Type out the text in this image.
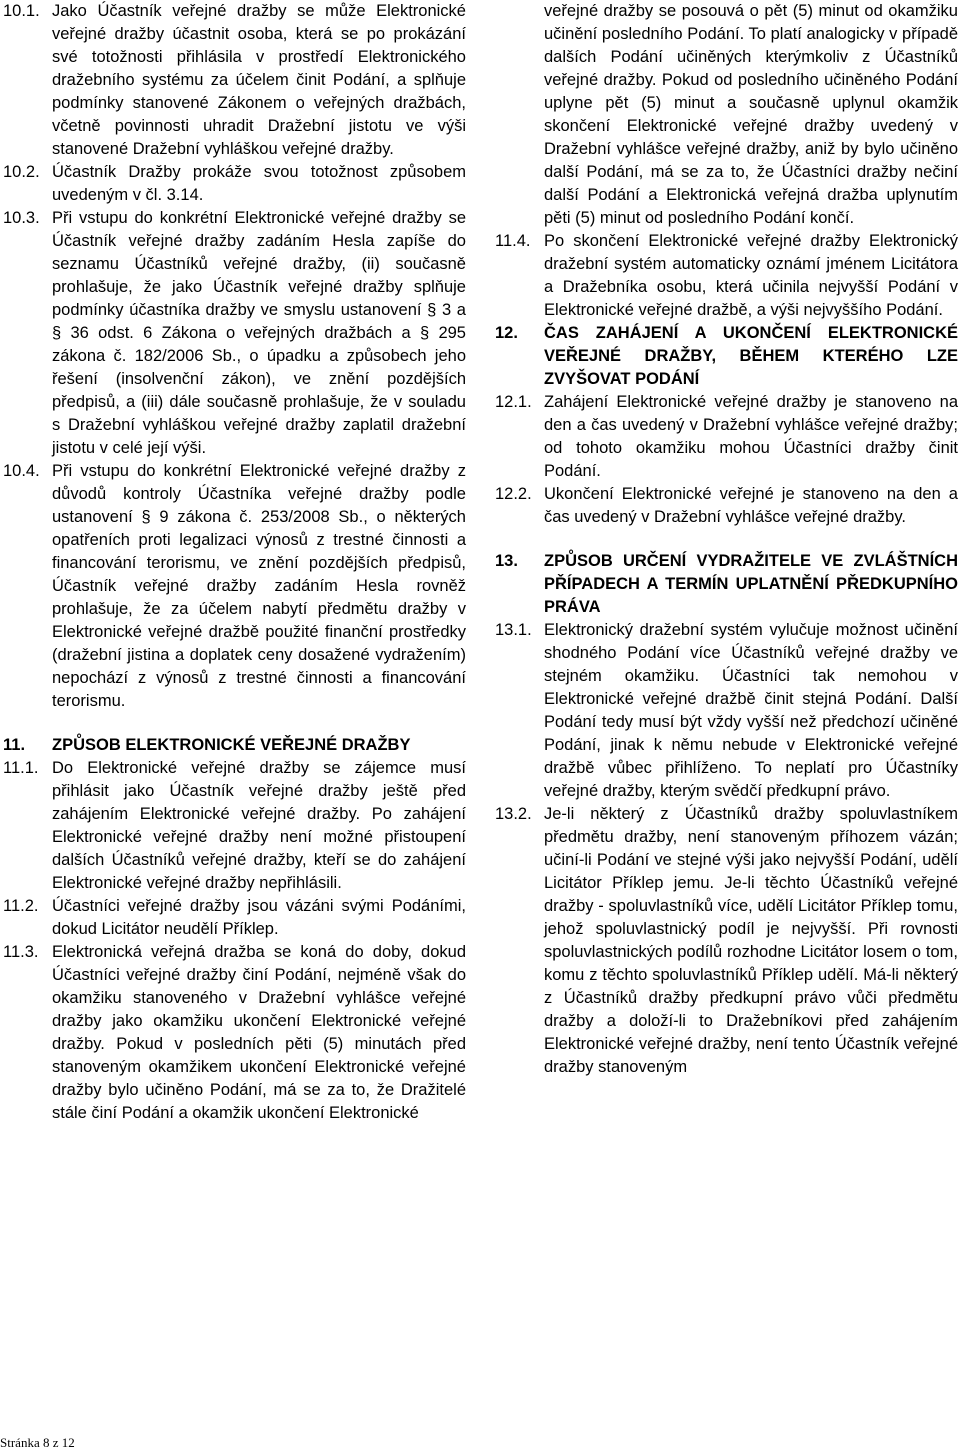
10.1. Jako Účastník veřejné dražby se může Elektronické veřejné dražby účastnit osoba, která se po prokázání své totožnosti přihlásila v prostředí Elektronického dražebního systému za účelem činit Podání, a splňuje podmínky stanovené Zákonem o veřejných dražbách, včetně povinnosti uhradit Dražební jistotu ve výši stanovené Dražební vyhláškou veřejné dražby.
10.2. Účastník Dražby prokáže svou totožnost způsobem uvedeným v čl. 3.14.
10.3. Při vstupu do konkrétní Elektronické veřejné dražby se Účastník veřejné dražby zadáním Hesla zapíše do seznamu Účastníků veřejné dražby, (ii) současně prohlašuje, že jako Účastník veřejné dražby splňuje podmínky účastníka dražby ve smyslu ustanovení § 3 a § 36 odst. 6 Zákona o veřejných dražbách a § 295 zákona č. 182/2006 Sb., o úpadku a způsobech jeho řešení (insolvenční zákon), ve znění pozdějších předpisů, a (iii) dále současně prohlašuje, že v souladu s Dražební vyhláškou veřejné dražby zaplatil dražební jistotu v celé její výši.
10.4. Při vstupu do konkrétní Elektronické veřejné dražby z důvodů kontroly Účastníka veřejné dražby podle ustanovení § 9 zákona č. 253/2008 Sb., o některých opatřeních proti legalizaci výnosů z trestné činnosti a financování terorismu, ve znění pozdějších předpisů, Účastník veřejné dražby zadáním Hesla rovněž prohlašuje, že za účelem nabytí předmětu dražby v Elektronické veřejné dražbě použité finanční prostředky (dražební jistina a doplatek ceny dosažené vydražením) nepochází z výnosů z trestné činnosti a financování terorismu.
11.	ZPŮSOB ELEKTRONICKÉ VEŘEJNÉ DRAŽBY
11.1. Do Elektronické veřejné dražby se zájemce musí přihlásit jako Účastník veřejné dražby ještě před zahájením Elektronické veřejné dražby. Po zahájení Elektronické veřejné dražby není možné přistoupení dalších Účastníků veřejné dražby, kteří se do zahájení Elektronické veřejné dražby nepřihlásili.
11.2. Účastníci veřejné dražby jsou vázáni svými Podáními, dokud Licitátor neudělí Příklep.
11.3. Elektronická veřejná dražba se koná do doby, dokud Účastníci veřejné dražby činí Podání, nejméně však do okamžiku stanoveného v Dražební vyhlášce veřejné dražby jako okamžiku ukončení Elektronické veřejné dražby. Pokud v posledních pěti (5) minutách před stanoveným okamžikem ukončení Elektronické veřejné dražby bylo učiněno Podání, má se za to, že Dražitelé stále činí Podání a okamžik ukončení Elektronické
veřejné dražby se posouvá o pět (5) minut od okamžiku učinění posledního Podání. To platí analogicky v případě dalších Podání učiněných kterýmkoliv z Účastníků veřejné dražby. Pokud od posledního učiněného Podání uplyne pět (5) minut a současně uplynul okamžik skončení Elektronické veřejné dražby uvedený v Dražební vyhlášce veřejné dražby, aniž by bylo učiněno další Podání, má se za to, že Účastníci dražby nečiní další Podání a Elektronická veřejná dražba uplynutím pěti (5) minut od posledního Podání končí.
11.4. Po skončení Elektronické veřejné dražby Elektronický dražební systém automaticky oznámí jménem Licitátora a Dražebníka osobu, která učinila nejvyšší Podání v Elektronické veřejné dražbě, a výši nejvyššího Podání.
12.	ČAS ZAHÁJENÍ A UKONČENÍ ELEKTRONICKÉ VEŘEJNÉ DRAŽBY, BĚHEM KTERÉHO LZE ZVYŠOVAT PODÁNÍ
12.1. Zahájení Elektronické veřejné dražby je stanoveno na den a čas uvedený v Dražební vyhlášce veřejné dražby; od tohoto okamžiku mohou Účastníci dražby činit Podání.
12.2. Ukončení Elektronické veřejné je stanoveno na den a čas uvedený v Dražební vyhlášce veřejné dražby.
13.	ZPŮSOB URČENÍ VYDRAŽITELE VE ZVLÁŠTNÍCH PŘÍPADECH A TERMÍN UPLATNĚNÍ PŘEDKUPNÍHO PRÁVA
13.1. Elektronický dražební systém vylučuje možnost učinění shodného Podání více Účastníků veřejné dražby ve stejném okamžiku. Účastníci tak nemohou v Elektronické veřejné dražbě činit stejná Podání. Další Podání tedy musí být vždy vyšší než předchozí učiněné Podání, jinak k němu nebude v Elektronické veřejné dražbě vůbec přihlíženo. To neplatí pro Účastníky veřejné dražby, kterým svědčí předkupní právo.
13.2. Je-li některý z Účastníků dražby spoluvlastníkem předmětu dražby, není stanoveným příhozem vázán; učiní-li Podání ve stejné výši jako nejvyšší Podání, udělí Licitátor Příklep jemu. Je-li těchto Účastníků veřejné dražby - spoluvlastníků více, udělí Licitátor Příklep tomu, jehož spoluvlastnický podíl je nejvyšší. Při rovnosti spoluvlastnických podílů rozhodne Licitátor losem o tom, komu z těchto spoluvlastníků Příklep udělí. Má-li některý z Účastníků dražby předkupní právo vůči předmětu dražby a doloží-li to Dražebníkovi před zahájením Elektronické veřejné dražby, není tento Účastník veřejné dražby stanoveným
Stránka 8 z 12
